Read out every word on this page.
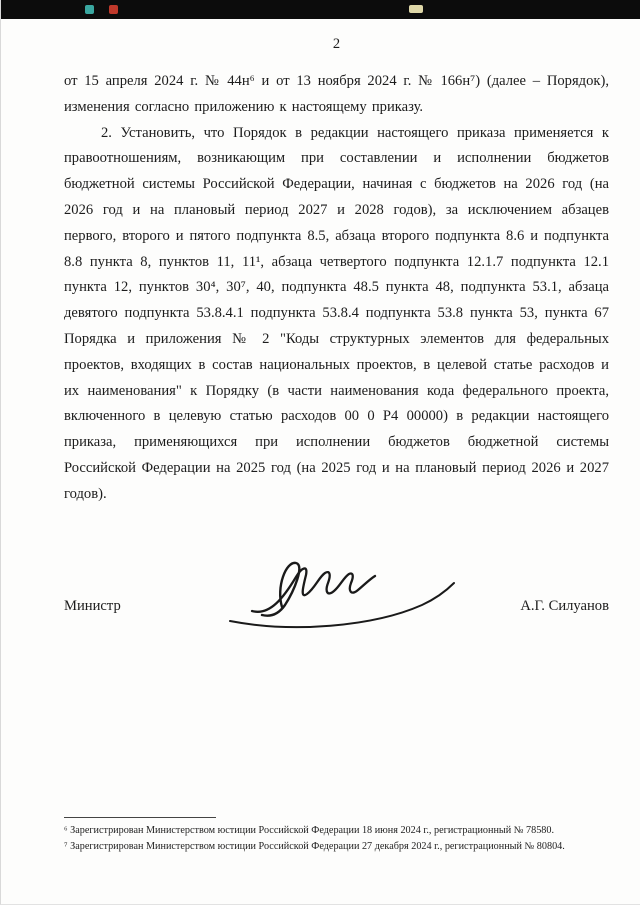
2

от 15 апреля 2024 г. № 44н⁶ и от 13 ноября 2024 г. № 166н⁷) (далее – Порядок), изменения согласно приложению к настоящему приказу.

2. Установить, что Порядок в редакции настоящего приказа применяется к правоотношениям, возникающим при составлении и исполнении бюджетов бюджетной системы Российской Федерации, начиная с бюджетов на 2026 год (на 2026 год и на плановый период 2027 и 2028 годов), за исключением абзацев первого, второго и пятого подпункта 8.5, абзаца второго подпункта 8.6 и подпункта 8.8 пункта 8, пунктов 11, 11¹, абзаца четвертого подпункта 12.1.7 подпункта 12.1 пункта 12, пунктов 30⁴, 30⁷, 40, подпункта 48.5 пункта 48, подпункта 53.1, абзаца девятого подпункта 53.8.4.1 подпункта 53.8.4 подпункта 53.8 пункта 53, пункта 67 Порядка и приложения № 2 "Коды структурных элементов для федеральных проектов, входящих в состав национальных проектов, в целевой статье расходов и их наименования" к Порядку (в части наименования кода федерального проекта, включенного в целевую статью расходов 00 0 Р4 00000) в редакции настоящего приказа, применяющихся при исполнении бюджетов бюджетной системы Российской Федерации на 2025 год (на 2025 год и на плановый период 2026 и 2027 годов).

Министр	А.Г. Силуанов
⁶ Зарегистрирован Министерством юстиции Российской Федерации 18 июня 2024 г., регистрационный № 78580.
⁷ Зарегистрирован Министерством юстиции Российской Федерации 27 декабря 2024 г., регистрационный № 80804.
